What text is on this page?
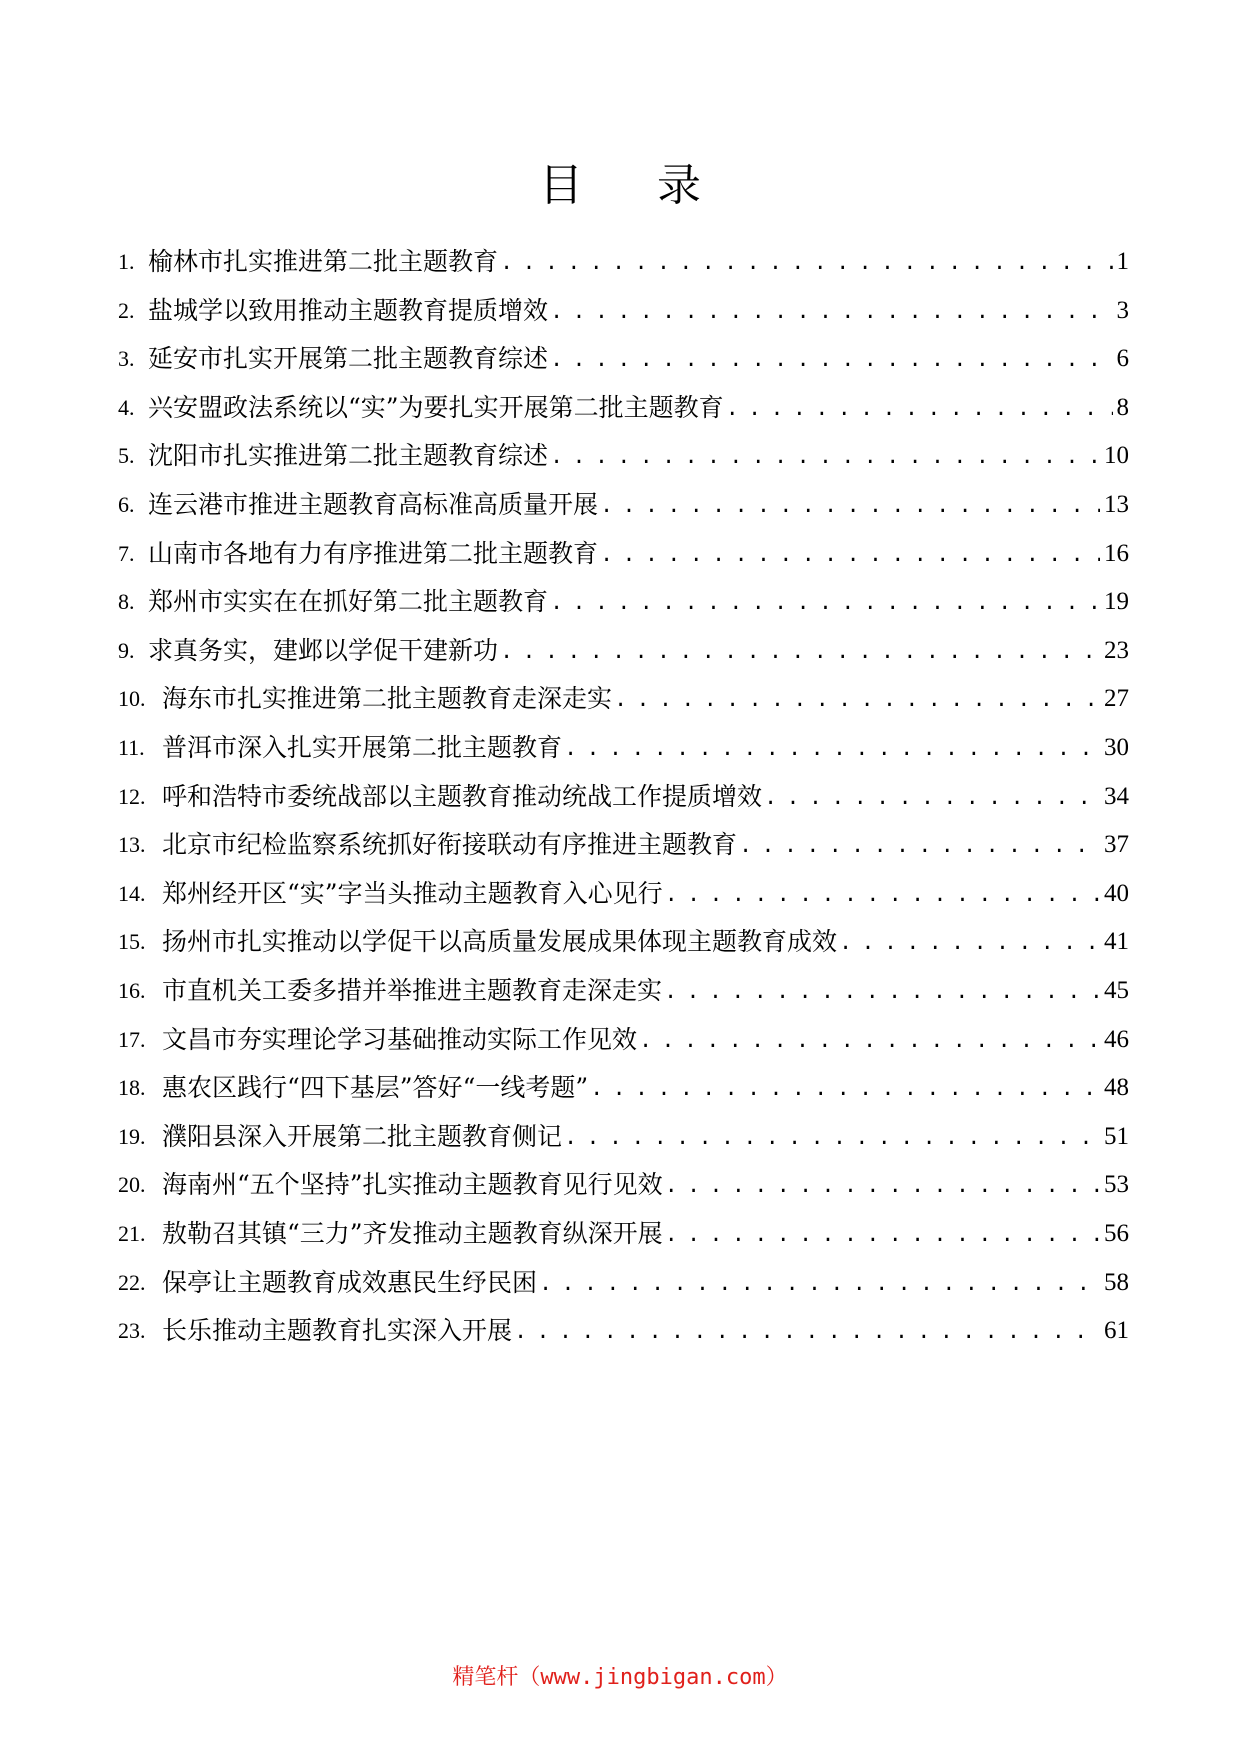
目 录
1. 榆林市扎实推进第二批主题教育 . . .	1
2. 盐城学以致用推动主题教育提质增效 . . .	3
3. 延安市扎实开展第二批主题教育综述 . . .	6
4. 兴安盟政法系统以“实”为要扎实开展第二批主题教育 . . .	8
5. 沈阳市扎实推进第二批主题教育综述 . . .	10
6. 连云港市推进主题教育高标准高质量开展 . . .	13
7. 山南市各地有力有序推进第二批主题教育 . . .	16
8. 郑州市实实在在抓好第二批主题教育 . . .	19
9. 求真务实，建邺以学促干建新功 . . .	23
10. 海东市扎实推进第二批主题教育走深走实 . . .	27
11. 普洱市深入扎实开展第二批主题教育 . . .	30
12. 呼和浩特市委统战部以主题教育推动统战工作提质增效 . . .	34
13. 北京市纪检监察系统抓好衔接联动有序推进主题教育 . . .	37
14. 郑州经开区“实”字当头推动主题教育入心见行 . . .	40
15. 扬州市扎实推动以学促干以高质量发展成果体现主题教育成效 . . .	41
16. 市直机关工委多措并举推进主题教育走深走实 . . .	45
17. 文昌市夯实理论学习基础推动实际工作见效 . . .	46
18. 惠农区践行“四下基层”答好“一线考题” . . .	48
19. 濮阳县深入开展第二批主题教育侧记 . . .	51
20. 海南州“五个坚持”扎实推动主题教育见行见效 . . .	53
21. 敖勒召其镇“三力”齐发推动主题教育纵深开展 . . .	56
22. 保亭让主题教育成效惠民生纾民困 . . .	58
23. 长乐推动主题教育扎实深入开展 . . .	61
精笔杆（www.jingbigan.com）
